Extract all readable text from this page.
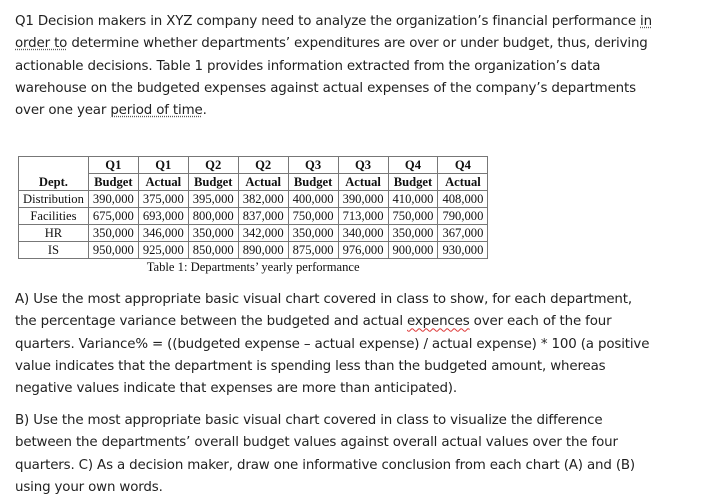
Q1 Decision makers in XYZ company need to analyze the organization’s financial performance in
order to determine whether departments’ expenditures are over or under budget, thus, deriving
actionable decisions. Table 1 provides information extracted from the organization’s data
warehouse on the budgeted expenses against actual expenses of the company’s departments
over one year period of time.
Dept.	Q1	Q1	Q2	Q2	Q3	Q3	Q4	Q4
	Budget	Actual	Budget	Actual	Budget	Actual	Budget	Actual
Distribution	390,000	375,000	395,000	382,000	400,000	390,000	410,000	408,000
Facilities	675,000	693,000	800,000	837,000	750,000	713,000	750,000	790,000
HR	350,000	346,000	350,000	342,000	350,000	340,000	350,000	367,000
IS	950,000	925,000	850,000	890,000	875,000	976,000	900,000	930,000
Table 1: Departments’ yearly performance
A) Use the most appropriate basic visual chart covered in class to show, for each department,
the percentage variance between the budgeted and actual expences over each of the four
quarters. Variance% = ((budgeted expense – actual expense) / actual expense) * 100 (a positive
value indicates that the department is spending less than the budgeted amount, whereas
negative values indicate that expenses are more than anticipated).
B) Use the most appropriate basic visual chart covered in class to visualize the difference
between the departments’ overall budget values against overall actual values over the four
quarters. C) As a decision maker, draw one informative conclusion from each chart (A) and (B)
using your own words.
